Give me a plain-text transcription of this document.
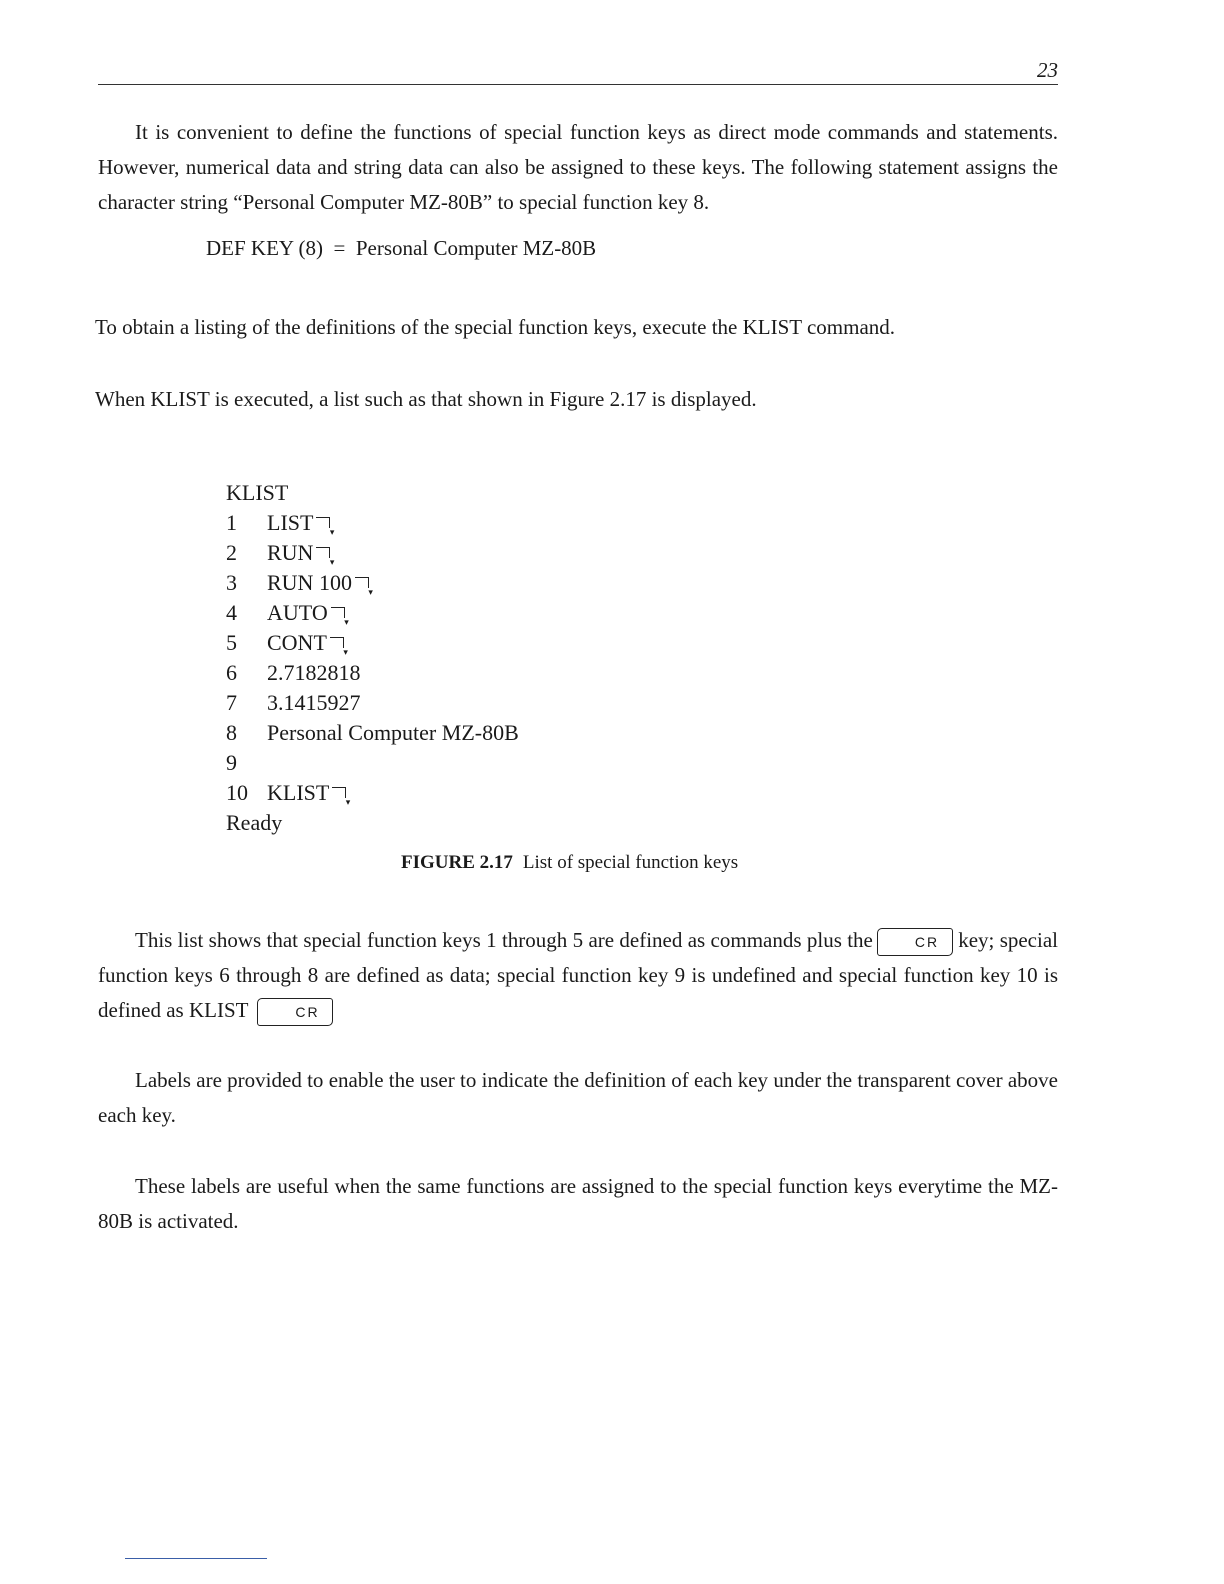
23

It is convenient to define the functions of special function keys as direct mode commands and statements. However, numerical data and string data can also be assigned to these keys. The following statement assigns the character string “Personal Computer MZ-80B” to special function key 8.

DEF KEY (8)  =  Personal Computer MZ-80B

To obtain a listing of the definitions of the special function keys, execute the KLIST command.

When KLIST is executed, a list such as that shown in Figure 2.17 is displayed.

KLIST
1 LIST▾
2 RUN▾
3 RUN 100▾
4 AUTO▾
5 CONT▾
6 2.7182818
7 3.1415927
8 Personal Computer MZ-80B
9
10 KLIST▾
Ready
FIGURE 2.17 List of special function keys

This list shows that special function keys 1 through 5 are defined as commands plus the	CR key; special function keys 6 through 8 are defined as data; special function key 9 is undefined and special function key 10 is defined as KLIST	CR

Labels are provided to enable the user to indicate the definition of each key under the transparent cover above each key.

These labels are useful when the same functions are assigned to the special function keys everytime the MZ-80B is activated.
